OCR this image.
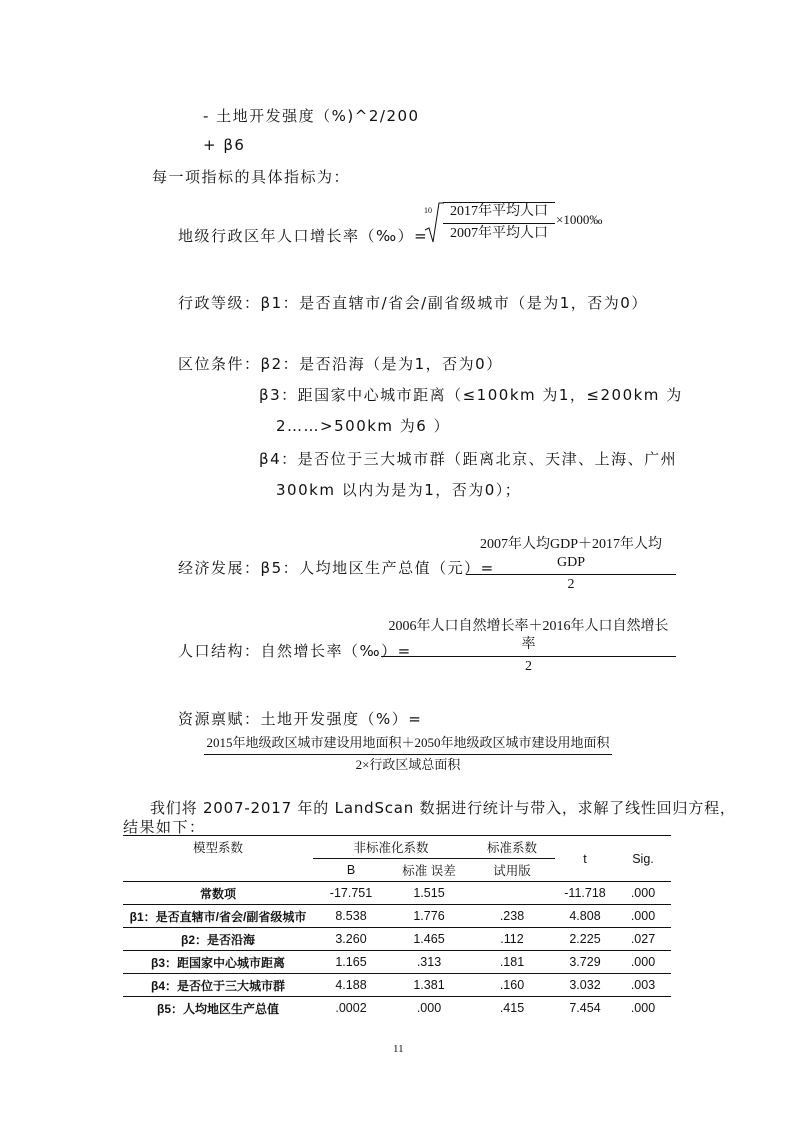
- 土地开发强度（%)^2/200
+ β6
每一项指标的具体指标为：
地级行政区年人口增长率（‰）=
10	2017年平均人口
2007年平均人口
×1000‰
行政等级：β1：是否直辖市/省会/副省级城市（是为1，否为0）
区位条件：β2：是否沿海（是为1，否为0）
β3：距国家中心城市距离（≤100km 为1，≤200km 为
2……>500km 为6 ）
β4：是否位于三大城市群（距离北京、天津、上海、广州
300km 以内为是为1，否为0）；
经济发展：β5：人均地区生产总值（元）=
2007年人均GDP＋2017年人均GDP
2
人口结构：自然增长率（‰）=
2006年人口自然增长率＋2016年人口自然增长率
2
资源禀赋：土地开发强度（%）=
2015年地级政区城市建设用地面积＋2050年地级政区城市建设用地面积
2×行政区域总面积
我们将 2007-2017 年的 LandScan 数据进行统计与带入，求解了线性回归方程，
结果如下：
模型系数	非标准化系数		标准系数	t	Sig.
	B	标准 误差	试用版		
常数项	-17.751	1.515		-11.718	.000
β1：是否直辖市/省会/副省级城市	8.538	1.776	.238	4.808	.000
β2：是否沿海	3.260	1.465	.112	2.225	.027
β3：距国家中心城市距离	1.165	.313	.181	3.729	.000
β4：是否位于三大城市群	4.188	1.381	.160	3.032	.003
β5：人均地区生产总值	.0002	.000	.415	7.454	.000
11
